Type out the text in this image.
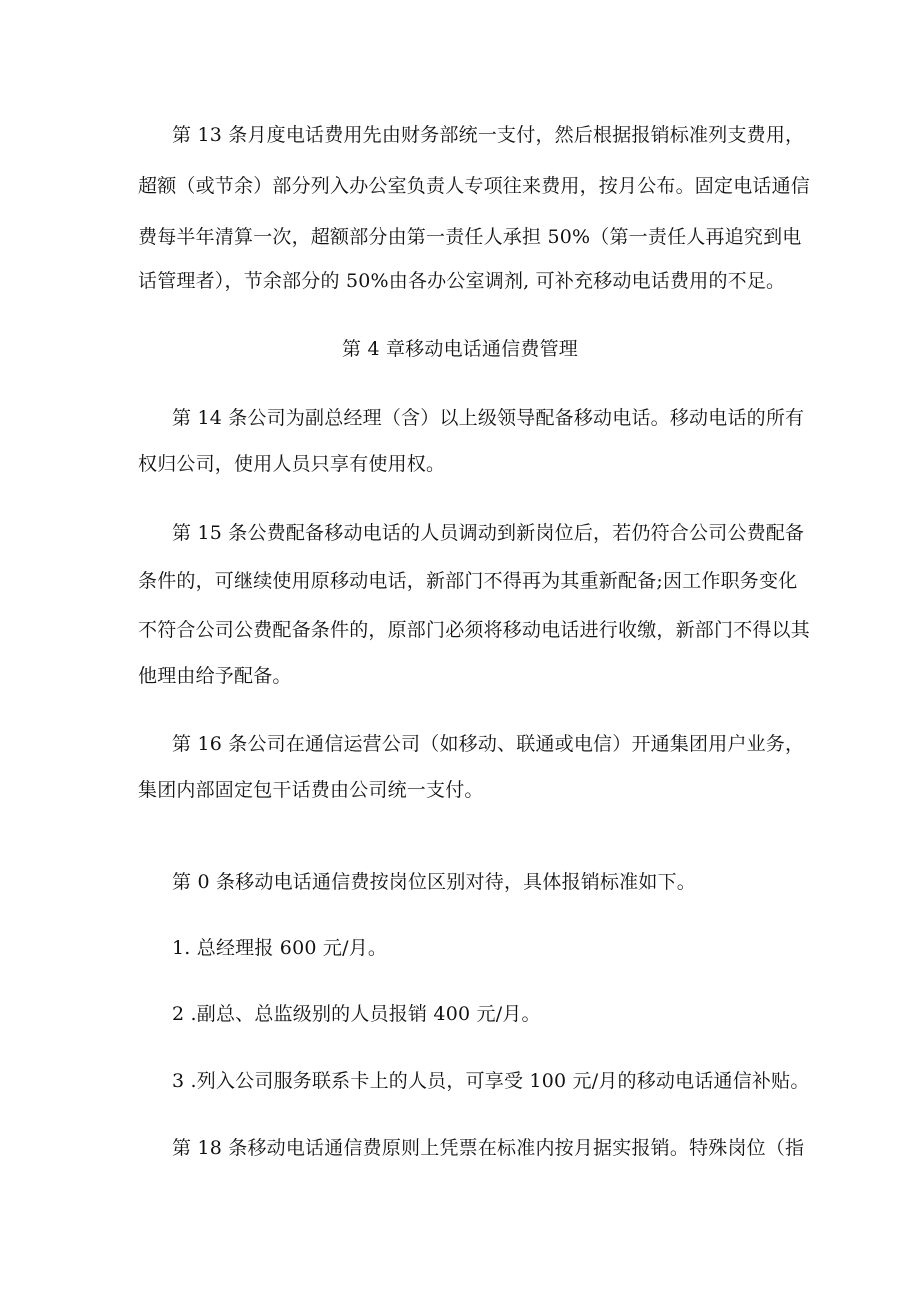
第 13 条月度电话费用先由财务部统一支付，然后根据报销标准列支费用，
超额（或节余）部分列入办公室负责人专项往来费用，按月公布。固定电话通信
费每半年清算一次，超额部分由第一责任人承担 50%（第一责任人再追究到电
话管理者），节余部分的 50%由各办公室调剂, 可补充移动电话费用的不足。
第 4 章移动电话通信费管理
第 14 条公司为副总经理（含）以上级领导配备移动电话。移动电话的所有
权归公司，使用人员只享有使用权。
第 15 条公费配备移动电话的人员调动到新岗位后，若仍符合公司公费配备
条件的，可继续使用原移动电话，新部门不得再为其重新配备;因工作职务变化
不符合公司公费配备条件的，原部门必须将移动电话进行收缴，新部门不得以其
他理由给予配备。
第 16 条公司在通信运营公司（如移动、联通或电信）开通集团用户业务，
集团内部固定包干话费由公司统一支付。
第 0 条移动电话通信费按岗位区别对待，具体报销标准如下。
1. 总经理报 600 元/月。
2 .副总、总监级别的人员报销 400 元/月。
3 .列入公司服务联系卡上的人员，可享受 100 元/月的移动电话通信补贴。
第 18 条移动电话通信费原则上凭票在标准内按月据实报销。特殊岗位（指
